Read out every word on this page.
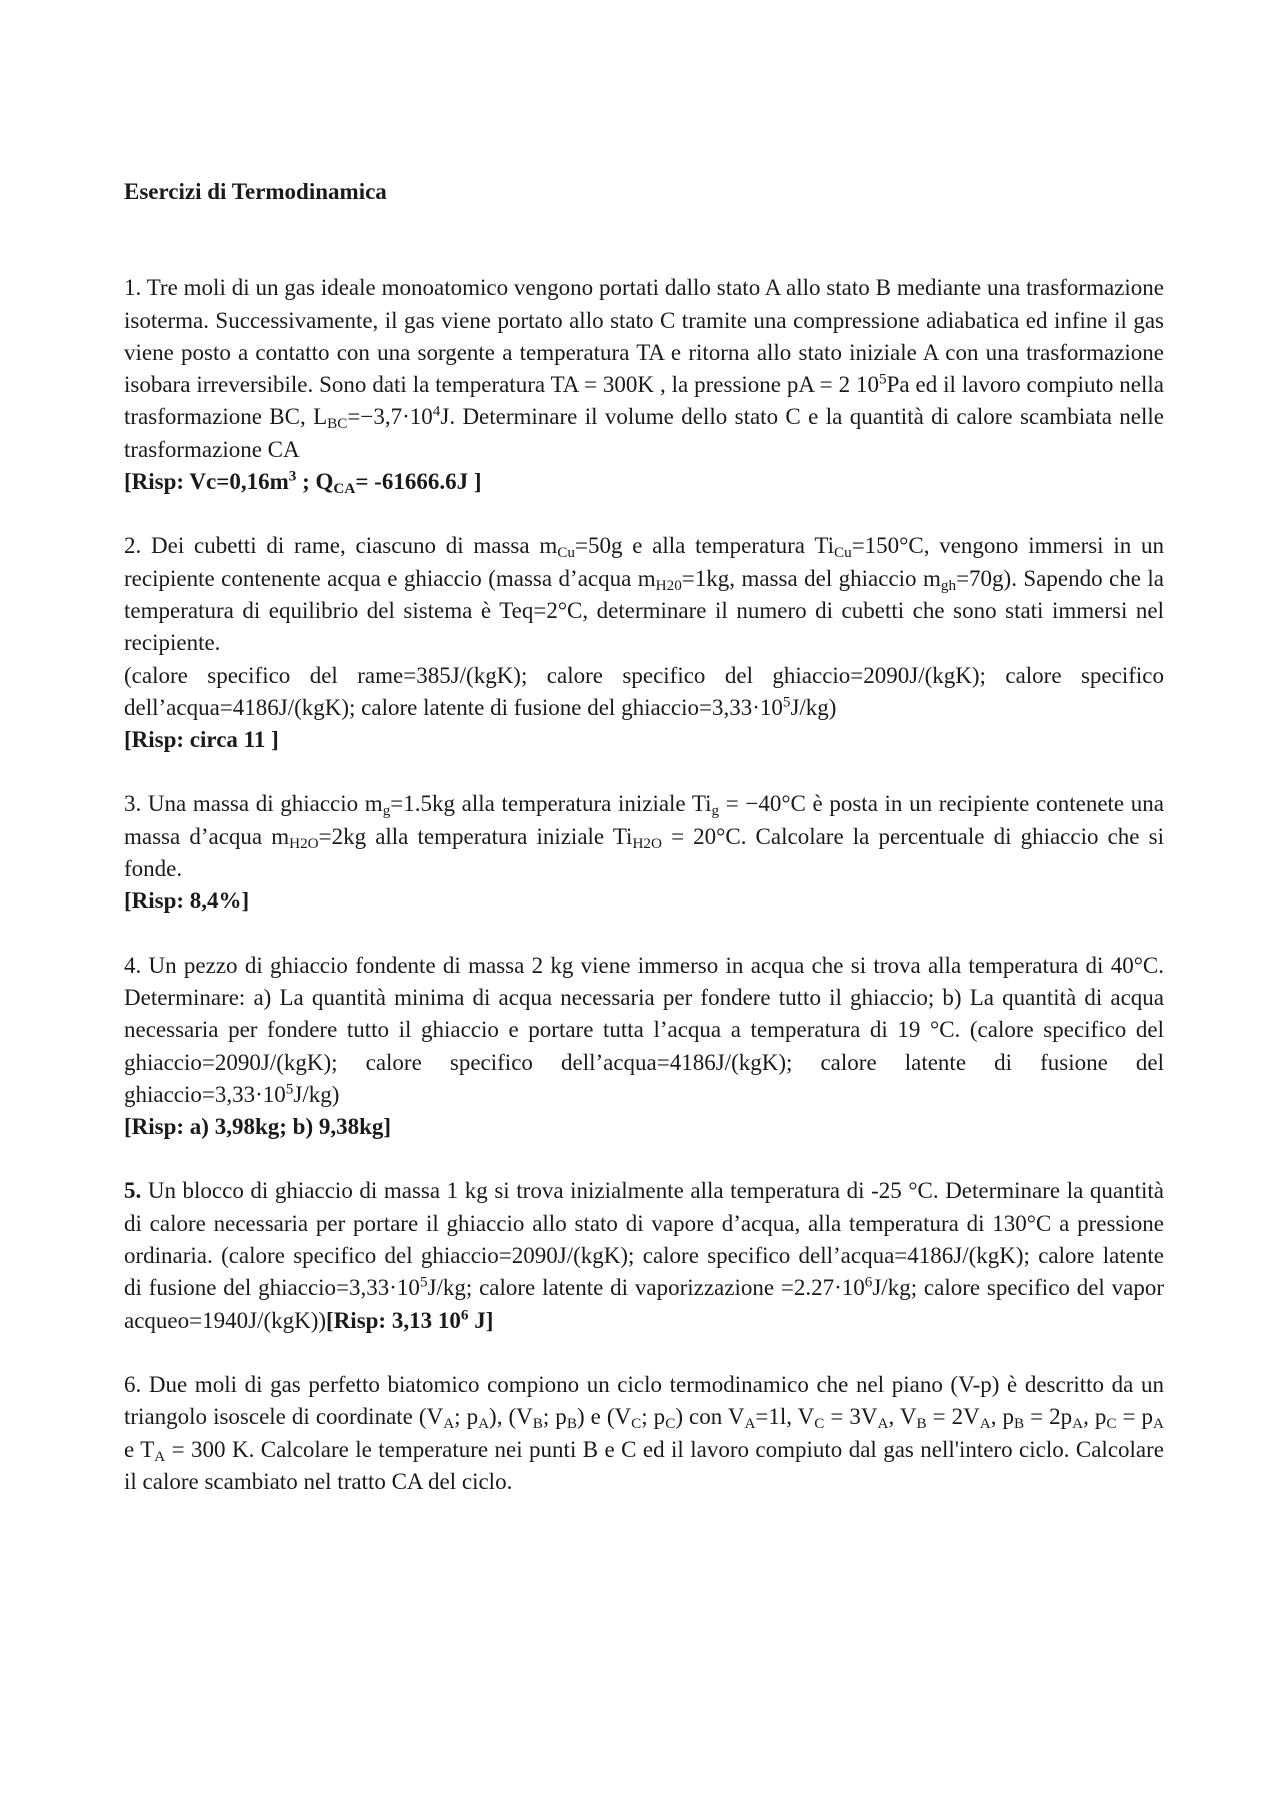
Esercizi di Termodinamica

1. Tre moli di un gas ideale monoatomico vengono portati dallo stato A allo stato B mediante una trasformazione isoterma. Successivamente, il gas viene portato allo stato C tramite una compressione adiabatica ed infine il gas viene posto a contatto con una sorgente a temperatura TA e ritorna allo stato iniziale A con una trasformazione isobara irreversibile. Sono dati la temperatura TA = 300K , la pressione pA = 2 $10^5Pa$ ed il lavoro compiuto nella trasformazione BC, $L_{BC}=-3,7\cdot 10^4J$. Determinare il volume dello stato C e la quantità di calore scambiata nelle trasformazione CA

[Risp: $Vc=0,16m^3$ ; $Q_{CA}= -61666.6J$ ]

2. Dei cubetti di rame, ciascuno di massa $m_{Cu}=50g$ e alla temperatura $Ti_{Cu}=150^\circ C$, vengono immersi in un recipiente contenente acqua e ghiaccio (massa d’acqua $m_{H20}=1kg$, massa del ghiaccio $m_{gh}=70g$). Sapendo che la temperatura di equilibrio del sistema è Teq=2°C, determinare il numero di cubetti che sono stati immersi nel recipiente.

(calore specifico del rame=385J/(kgK); calore specifico del ghiaccio=2090J/(kgK); calore specifico dell’acqua=4186J/(kgK); calore latente di fusione del $ghiaccio=3,33\cdot 10^5J/kg$)

[Risp: circa 11 ]

3. Una massa di ghiaccio $m_g=1.5kg$ alla temperatura iniziale $Ti_g = -40^\circ C$ è posta in un recipiente contenete una massa d’acqua $m_{H2O}=2kg$ alla temperatura iniziale $Ti_{H2O} = 20^\circ C$. Calcolare la percentuale di ghiaccio che si fonde.

[Risp: 8,4%]

4. Un pezzo di ghiaccio fondente di massa 2 kg viene immerso in acqua che si trova alla temperatura di 40°C. Determinare: a) La quantità minima di acqua necessaria per fondere tutto il ghiaccio; b) La quantità di acqua necessaria per fondere tutto il ghiaccio e portare tutta l’acqua a temperatura di 19 °C. (calore specifico del ghiaccio=2090J/(kgK); calore specifico dell’acqua=4186J/(kgK); calore latente di fusione del $ghiaccio=3,33\cdot 10^5J/kg$)

[Risp: a) 3,98kg; b) 9,38kg]

5. Un blocco di ghiaccio di massa 1 kg si trova inizialmente alla temperatura di -25 °C. Determinare la quantità di calore necessaria per portare il ghiaccio allo stato di vapore d’acqua, alla temperatura di 130°C a pressione ordinaria. (calore specifico del ghiaccio=2090J/(kgK); calore specifico dell’acqua=4186J/(kgK); calore latente di fusione del $ghiaccio=3,33\cdot 10^5J/kg$; calore latente di vaporizzazione $=2.27\cdot 10^6J/kg$; calore specifico del vapor acqueo=1940J/(kgK))[Risp: 3,13 $10^6$ J]

6. Due moli di gas perfetto biatomico compiono un ciclo termodinamico che nel piano (V-p) è descritto da un triangolo isoscele di coordinate ($V_A$; $p_A$), ($V_B$; $p_B$) e ($V_C$; $p_C$) con $V_A=1l$, $V_C = 3V_A$, $V_B = 2V_A$, $p_B = 2p_A$, $p_C = p_A$ e $T_A = 300$ K. Calcolare le temperature nei punti B e C ed il lavoro compiuto dal gas nell'intero ciclo. Calcolare il calore scambiato nel tratto CA del ciclo.
